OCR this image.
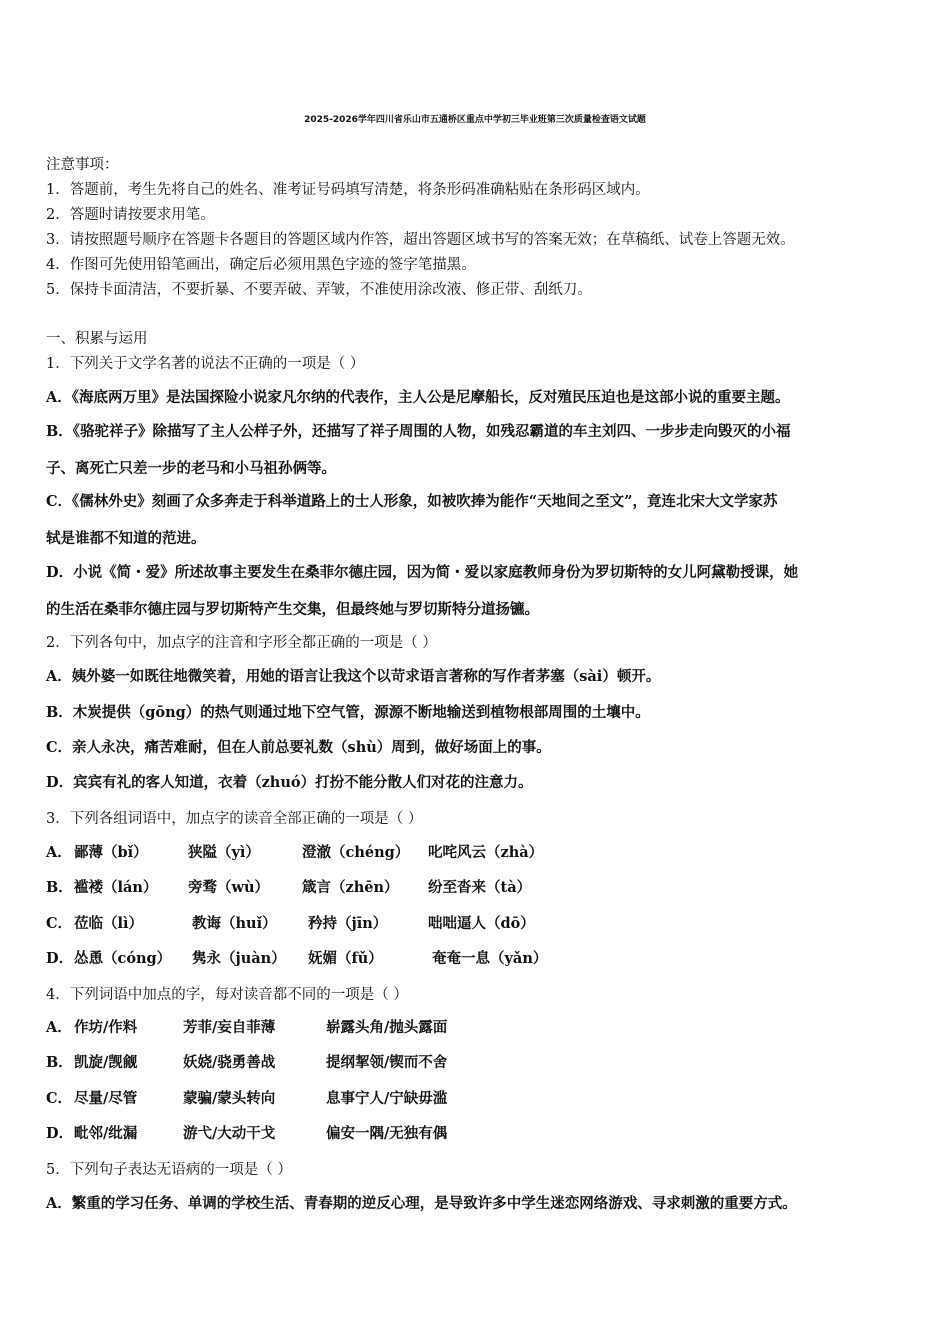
2025-2026学年四川省乐山市五通桥区重点中学初三毕业班第三次质量检查语文试题
注意事项：
1．答题前，考生先将自己的姓名、准考证号码填写清楚，将条形码准确粘贴在条形码区域内。
2．答题时请按要求用笔。
3．请按照题号顺序在答题卡各题目的答题区域内作答，超出答题区域书写的答案无效；在草稿纸、试卷上答题无效。
4．作图可先使用铅笔画出，确定后必须用黑色字迹的签字笔描黑。
5．保持卡面清洁，不要折暴、不要弄破、弄皱，不准使用涂改液、修正带、刮纸刀。
一、积累与运用
1．下列关于文学名著的说法不正确的一项是（ ）
A．《海底两万里》是法国探险小说家凡尔纳的代表作，主人公是尼摩船长，反对殖民压迫也是这部小说的重要主题。
B．《骆驼祥子》除描写了主人公样子外，还描写了祥子周围的人物，如残忍霸道的车主刘四、一步步走向毁灭的小福
子、离死亡只差一步的老马和小马祖孙俩等。
C．《儒林外史》刻画了众多奔走于科举道路上的士人形象，如被吹捧为能作“天地间之至文”，竟连北宋大文学家苏
轼是谁都不知道的范进。
D．小说《简・爱》所述故事主要发生在桑菲尔德庄园，因为简・爱以家庭教师身份为罗切斯特的女儿阿黛勒授课，她
的生活在桑菲尔德庄园与罗切斯特产生交集，但最终她与罗切斯特分道扬镳。
2．下列各句中，加点字的注音和字形全都正确的一项是（ ）
A．姨外婆一如既往地微笑着，用她的语言让我这个以苛求语言著称的写作者茅塞（sài）顿开。
B．木炭提供（gōng）的热气则通过地下空气管，源源不断地输送到植物根部周围的土壤中。
C．亲人永决，痛苦难耐，但在人前总要礼数（shù）周到，做好场面上的事。
D．宾宾有礼的客人知道，衣着（zhuó）打扮不能分散人们对花的注意力。
3．下列各组词语中，加点字的读音全部正确的一项是（ ）
A． 鄙薄（bǐ）	狭隘（yì）	澄澈（chéng） 叱咤风云（zhà）
B． 褴褛（lán） 旁骛（wù） 箴言（zhēn） 纷至沓来（tà）
C． 莅临（lì）	教诲（huǐ） 矜持（jīn）	咄咄逼人（dō）
D． 怂恿（cóng） 隽永（juàn） 妩媚（fǔ）	奄奄一息（yǎn）
4．下列词语中加点的字，每对读音都不同的一项是（ ）
A． 作坊/作料	芳菲/妄自菲薄	崭露头角/抛头露面
B． 凯旋/觊觎	妖娆/骁勇善战	提纲挈领/锲而不舍
C． 尽量/尽管	蒙骗/蒙头转向	息事宁人/宁缺毋滥
D． 毗邻/纰漏	游弋/大动干戈	偏安一隅/无独有偶
5．下列句子表达无语病的一项是（ ）
A．繁重的学习任务、单调的学校生活、青春期的逆反心理，是导致许多中学生迷恋网络游戏、寻求刺激的重要方式。
